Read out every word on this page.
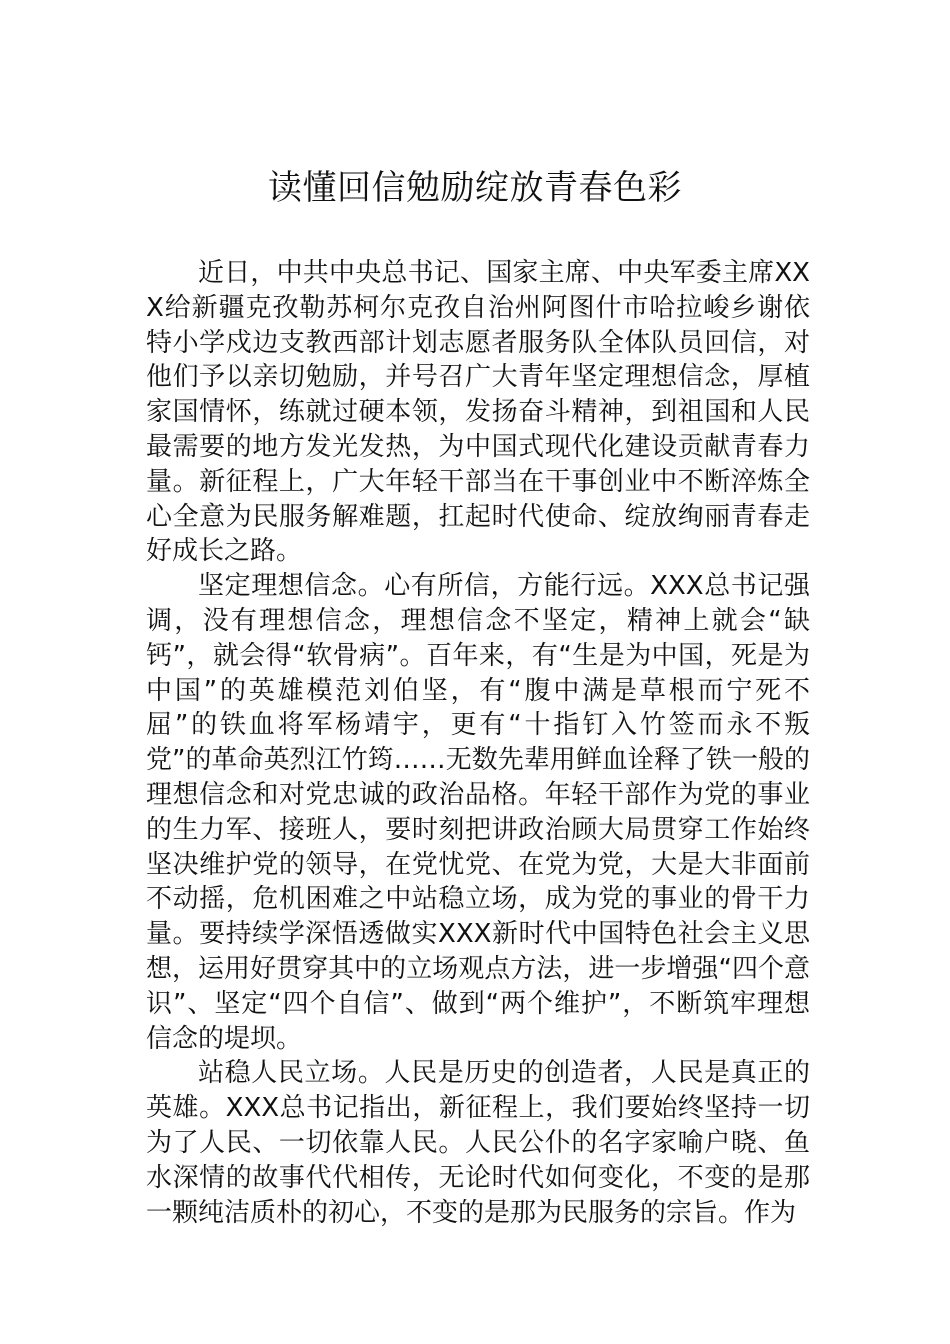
读懂回信勉励绽放青春色彩

近日，中共中央总书记、国家主席、中央军委主席XXX给新疆克孜勒苏柯尔克孜自治州阿图什市哈拉峻乡谢依特小学戍边支教西部计划志愿者服务队全体队员回信，对他们予以亲切勉励，并号召广大青年坚定理想信念，厚植家国情怀，练就过硬本领，发扬奋斗精神，到祖国和人民最需要的地方发光发热，为中国式现代化建设贡献青春力量。新征程上，广大年轻干部当在干事创业中不断淬炼全心全意为民服务解难题，扛起时代使命、绽放绚丽青春走好成长之路。

坚定理想信念。心有所信，方能行远。XXX总书记强调，没有理想信念，理想信念不坚定，精神上就会“缺钙”，就会得“软骨病”。百年来，有“生是为中国，死是为中国”的英雄模范刘伯坚，有“腹中满是草根而宁死不屈”的铁血将军杨靖宇，更有“十指钉入竹签而永不叛党”的革命英烈江竹筠……无数先辈用鲜血诠释了铁一般的理想信念和对党忠诚的政治品格。年轻干部作为党的事业的生力军、接班人，要时刻把讲政治顾大局贯穿工作始终坚决维护党的领导，在党忧党、在党为党，大是大非面前不动摇，危机困难之中站稳立场，成为党的事业的骨干力量。要持续学深悟透做实XXX新时代中国特色社会主义思想，运用好贯穿其中的立场观点方法，进一步增强“四个意识”、坚定“四个自信”、做到“两个维护”，不断筑牢理想信念的堤坝。

站稳人民立场。人民是历史的创造者，人民是真正的英雄。XXX总书记指出，新征程上，我们要始终坚持一切为了人民、一切依靠人民。人民公仆的名字家喻户晓、鱼水深情的故事代代相传，无论时代如何变化，不变的是那一颗纯洁质朴的初心，不变的是那为民服务的宗旨。作为
